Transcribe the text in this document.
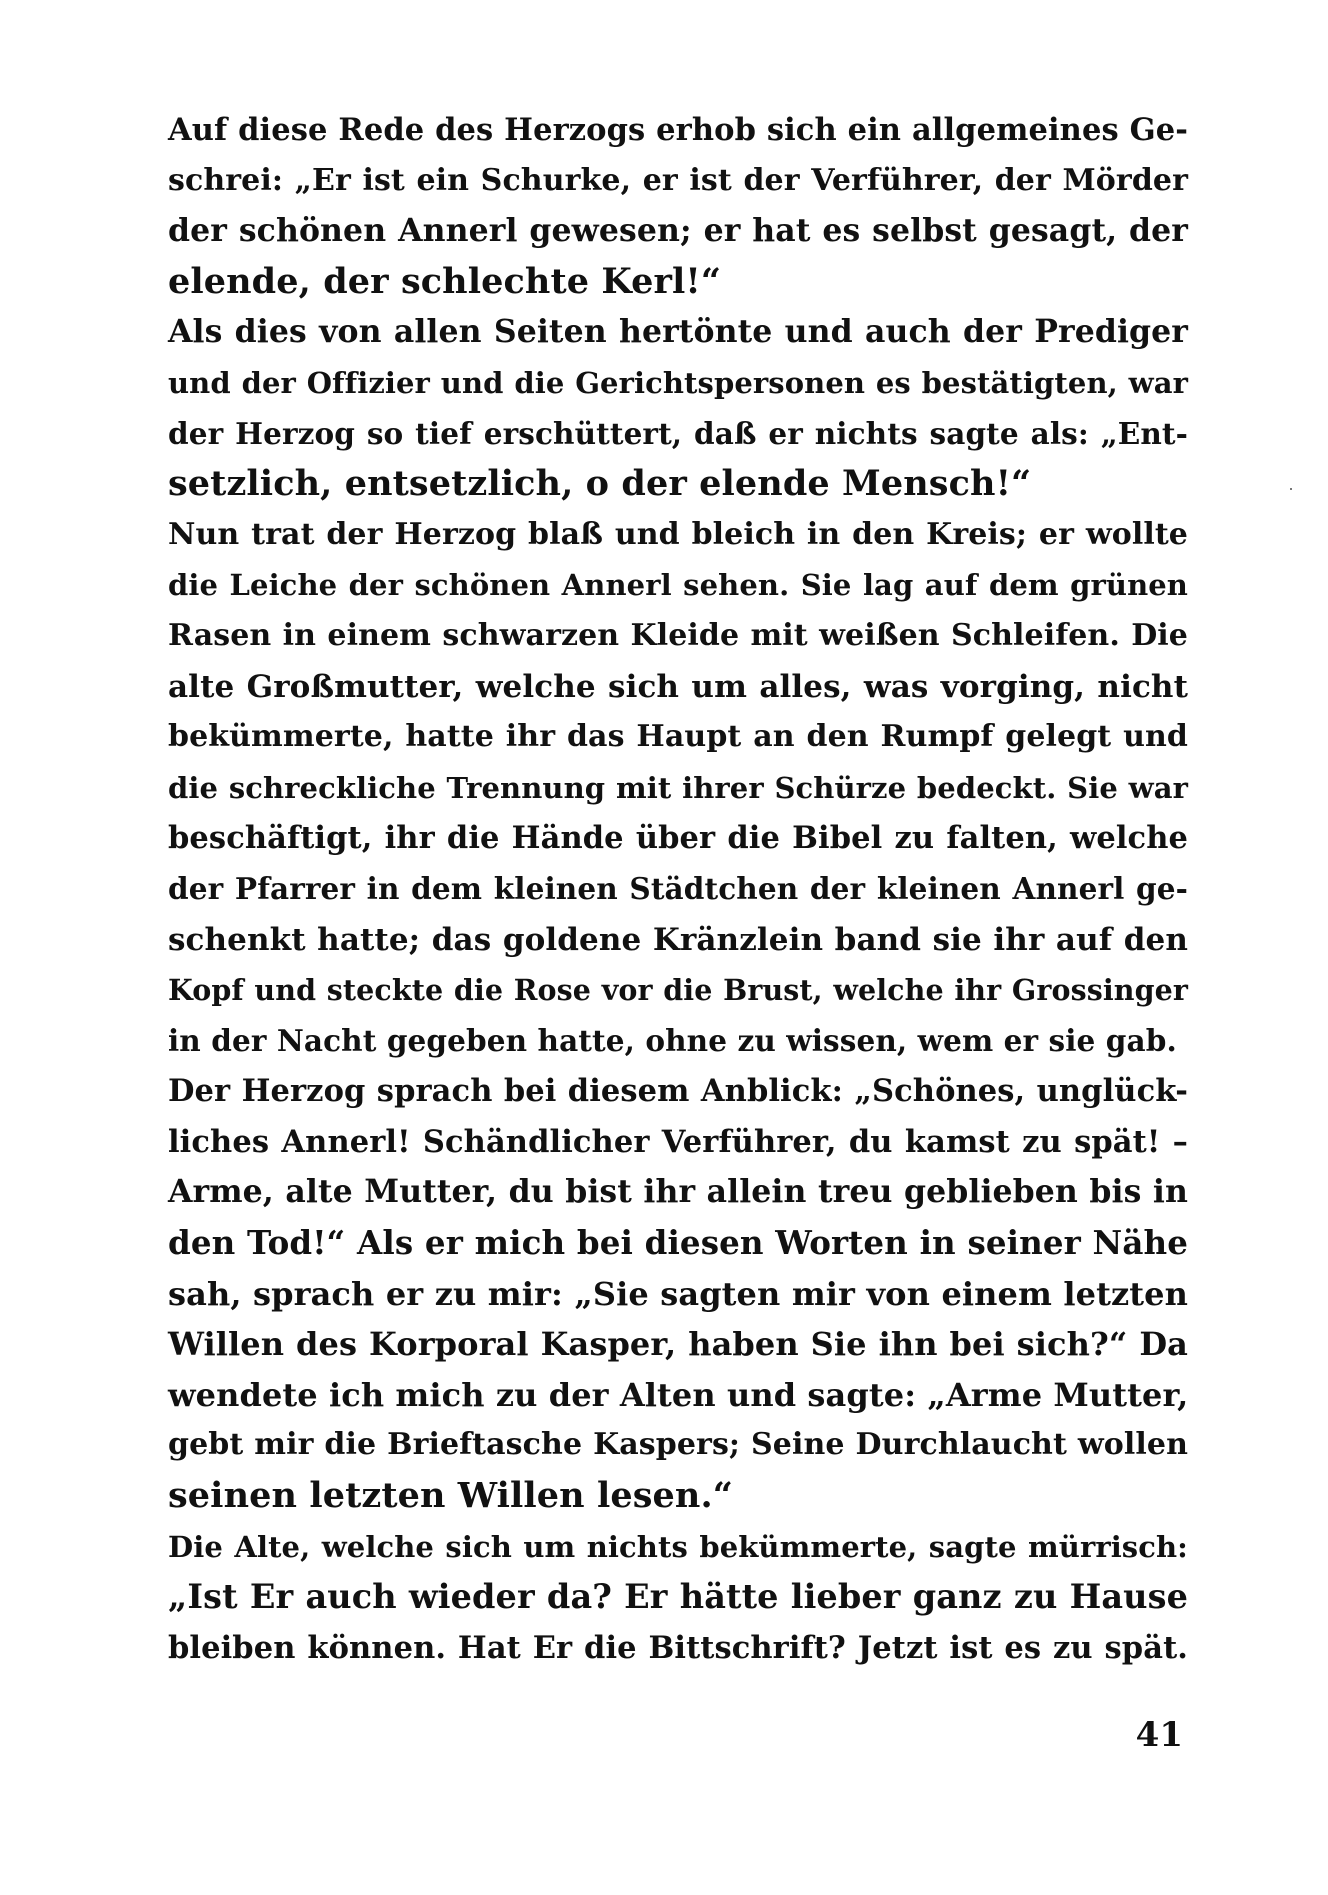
Auf diese Rede des Herzogs erhob sich ein allgemeines Ge-
schrei: „Er ist ein Schurke, er ist der Verführer, der Mörder
der schönen Annerl gewesen; er hat es selbst gesagt, der
elende, der schlechte Kerl!“
Als dies von allen Seiten hertönte und auch der Prediger
und der Offizier und die Gerichtspersonen es bestätigten, war
der Herzog so tief erschüttert, daß er nichts sagte als: „Ent-
setzlich, entsetzlich, o der elende Mensch!“
Nun trat der Herzog blaß und bleich in den Kreis; er wollte
die Leiche der schönen Annerl sehen. Sie lag auf dem grünen
Rasen in einem schwarzen Kleide mit weißen Schleifen. Die
alte Großmutter, welche sich um alles, was vorging, nicht
bekümmerte, hatte ihr das Haupt an den Rumpf gelegt und
die schreckliche Trennung mit ihrer Schürze bedeckt. Sie war
beschäftigt, ihr die Hände über die Bibel zu falten, welche
der Pfarrer in dem kleinen Städtchen der kleinen Annerl ge-
schenkt hatte; das goldene Kränzlein band sie ihr auf den
Kopf und steckte die Rose vor die Brust, welche ihr Grossinger
in der Nacht gegeben hatte, ohne zu wissen, wem er sie gab.
Der Herzog sprach bei diesem Anblick: „Schönes, unglück-
liches Annerl! Schändlicher Verführer, du kamst zu spät! –
Arme, alte Mutter, du bist ihr allein treu geblieben bis in
den Tod!“ Als er mich bei diesen Worten in seiner Nähe
sah, sprach er zu mir: „Sie sagten mir von einem letzten
Willen des Korporal Kasper, haben Sie ihn bei sich?“ Da
wendete ich mich zu der Alten und sagte: „Arme Mutter,
gebt mir die Brieftasche Kaspers; Seine Durchlaucht wollen
seinen letzten Willen lesen.“
Die Alte, welche sich um nichts bekümmerte, sagte mürrisch:
„Ist Er auch wieder da? Er hätte lieber ganz zu Hause
bleiben können. Hat Er die Bittschrift? Jetzt ist es zu spät.
41
